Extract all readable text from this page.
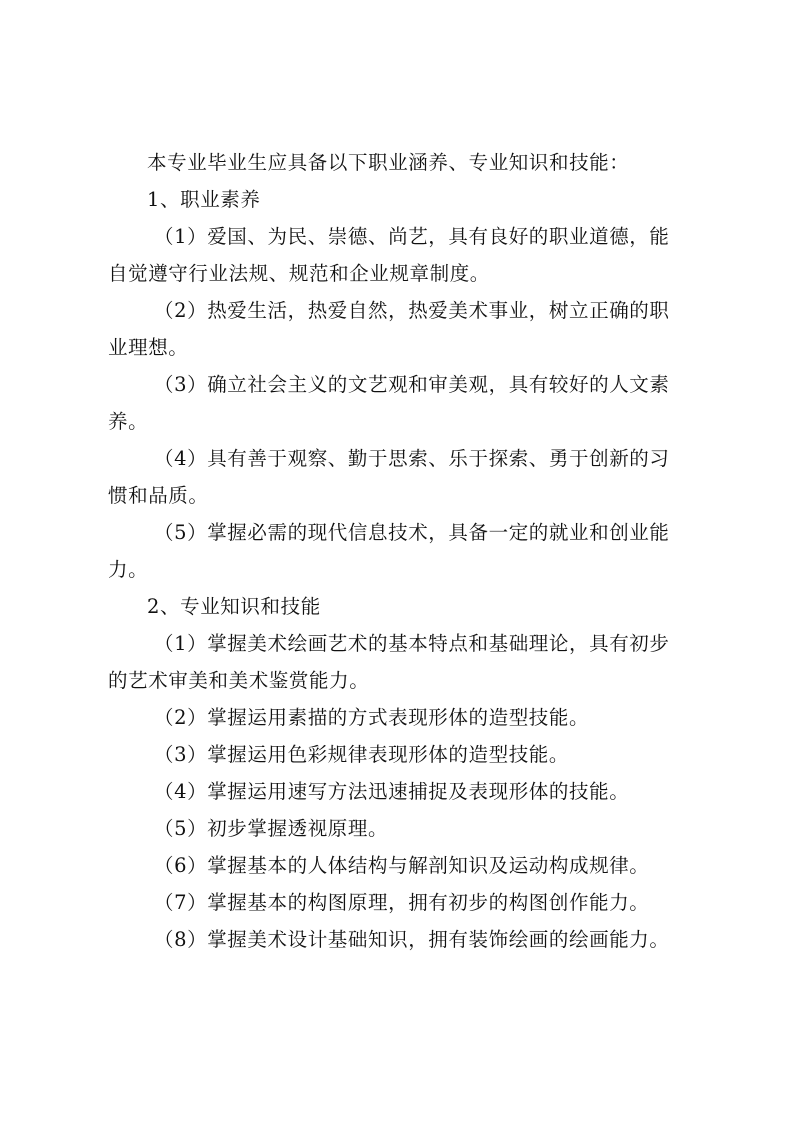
本专业毕业生应具备以下职业涵养、专业知识和技能：
1、职业素养
（1）爱国、为民、崇德、尚艺，具有良好的职业道德，能
自觉遵守行业法规、规范和企业规章制度。
（2）热爱生活，热爱自然，热爱美术事业，树立正确的职
业理想。
（3）确立社会主义的文艺观和审美观，具有较好的人文素
养。
（4）具有善于观察、勤于思索、乐于探索、勇于创新的习
惯和品质。
（5）掌握必需的现代信息技术，具备一定的就业和创业能
力。
2、专业知识和技能
（1）掌握美术绘画艺术的基本特点和基础理论，具有初步
的艺术审美和美术鉴赏能力。
（2）掌握运用素描的方式表现形体的造型技能。
（3）掌握运用色彩规律表现形体的造型技能。
（4）掌握运用速写方法迅速捕捉及表现形体的技能。
（5）初步掌握透视原理。
（6）掌握基本的人体结构与解剖知识及运动构成规律。
（7）掌握基本的构图原理，拥有初步的构图创作能力。
（8）掌握美术设计基础知识，拥有装饰绘画的绘画能力。
